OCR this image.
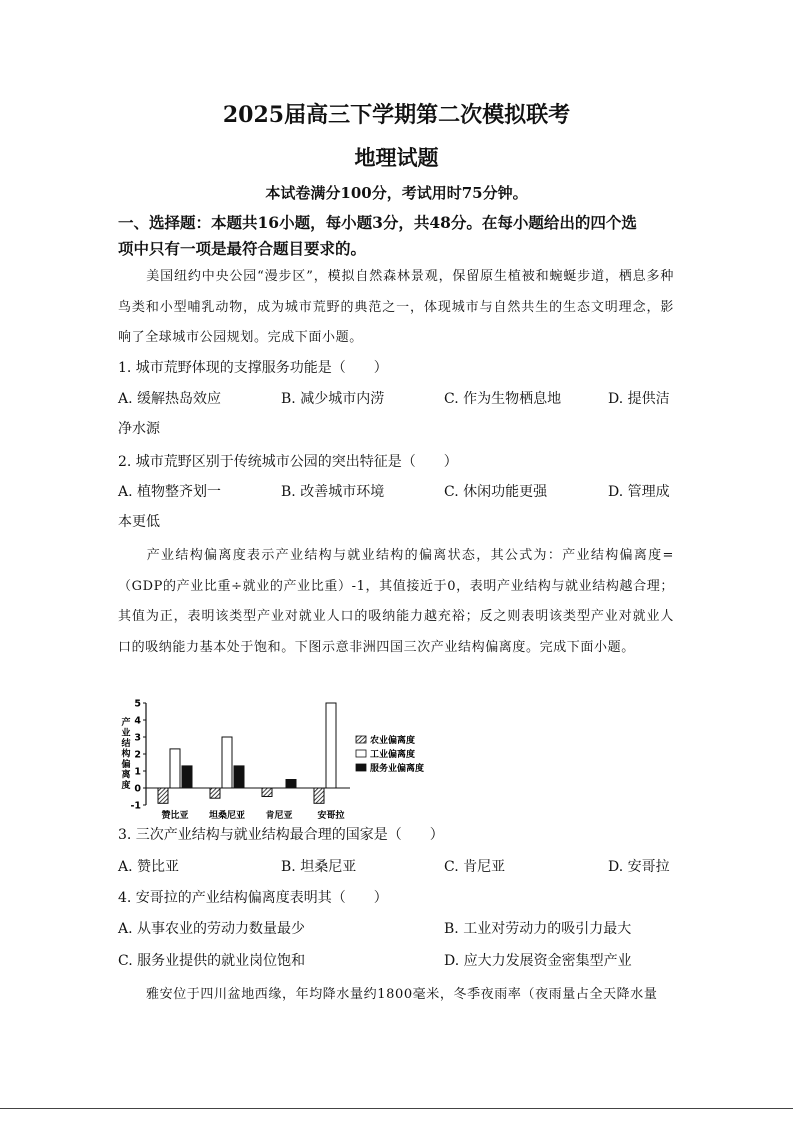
2025届高三下学期第二次模拟联考
地理试题
本试卷满分100分，考试用时75分钟。
一、选择题：本题共16小题，每小题3分，共48分。在每小题给出的四个选
项中只有一项是最符合题目要求的。
美国纽约中央公园“漫步区”，模拟自然森林景观，保留原生植被和蜿蜒步道，栖息多种鸟类和小型哺乳动物，成为城市荒野的典范之一，体现城市与自然共生的生态文明理念，影响了全球城市公园规划。完成下面小题。
1. 城市荒野体现的支撑服务功能是（　　）
A. 缓解热岛效应	B. 减少城市内涝	C. 作为生物栖息地	D. 提供洁
净水源
2. 城市荒野区别于传统城市公园的突出特征是（　　）
A. 植物整齐划一	B. 改善城市环境	C. 休闲功能更强	D. 管理成
本更低
产业结构偏离度表示产业结构与就业结构的偏离状态，其公式为：产业结构偏离度=（GDP的产业比重÷就业的产业比重）-1，其值接近于0，表明产业结构与就业结构越合理；其值为正，表明该类型产业对就业人口的吸纳能力越充裕；反之则表明该类型产业对就业人口的吸纳能力基本处于饱和。下图示意非洲四国三次产业结构偏离度。完成下面小题。
产业结构偏离度
-1
0
1
2
3
4
5
赞比亚 坦桑尼亚 肯尼亚	安哥拉
农业偏离度
工业偏离度
服务业偏离度
3. 三次产业结构与就业结构最合理的国家是（　　）
A. 赞比亚	B. 坦桑尼亚	C. 肯尼亚	D. 安哥拉
4. 安哥拉的产业结构偏离度表明其（　　）
A. 从事农业的劳动力数量最少	B. 工业对劳动力的吸引力最大
C. 服务业提供的就业岗位饱和	D. 应大力发展资金密集型产业
雅安位于四川盆地西缘，年均降水量约1800毫米，冬季夜雨率（夜雨量占全天降水量
